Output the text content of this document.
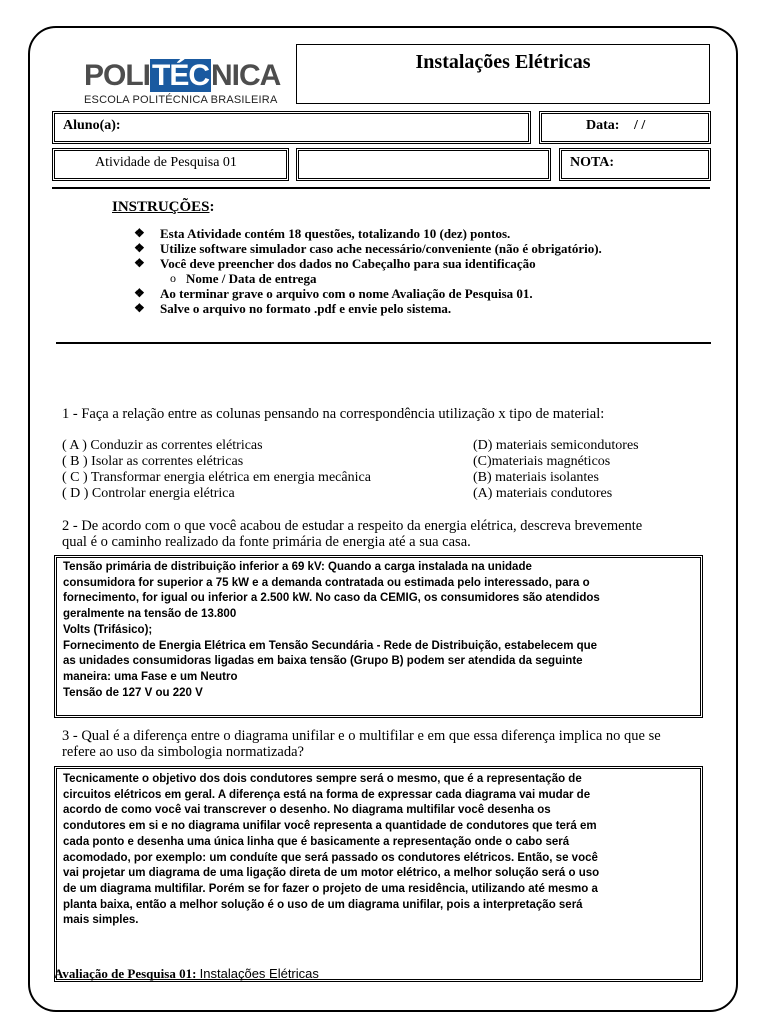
POLITÉCNICA
ESCOLA POLITÉCNICA BRASILEIRA
Instalações Elétricas
Aluno(a):	Data: / /
Atividade de Pesquisa 01	NOTA:
INSTRUÇÕES:
❖ Esta Atividade contém 18 questões, totalizando 10 (dez) pontos.
❖ Utilize software simulador caso ache necessário/conveniente (não é obrigatório).
❖ Você deve preencher dos dados no Cabeçalho para sua identificação
o Nome / Data de entrega
❖ Ao terminar grave o arquivo com o nome Avaliação de Pesquisa 01.
❖ Salve o arquivo no formato .pdf e envie pelo sistema.
1 - Faça a relação entre as colunas pensando na correspondência utilização x tipo de material:
( A ) Conduzir as correntes elétricas
( B ) Isolar as correntes elétricas
( C ) Transformar energia elétrica em energia mecânica
( D ) Controlar energia elétrica
(D) materiais semicondutores
(C)materiais magnéticos
(B) materiais isolantes
(A) materiais condutores
2 - De acordo com o que você acabou de estudar a respeito da energia elétrica, descreva brevemente
qual é o caminho realizado da fonte primária de energia até a sua casa.
Tensão primária de distribuição inferior a 69 kV: Quando a carga instalada na unidade
consumidora for superior a 75 kW e a demanda contratada ou estimada pelo interessado, para o
fornecimento, for igual ou inferior a 2.500 kW. No caso da CEMIG, os consumidores são atendidos
geralmente na tensão de 13.800
Volts (Trifásico);
Fornecimento de Energia Elétrica em Tensão Secundária - Rede de Distribuição, estabelecem que
as unidades consumidoras ligadas em baixa tensão (Grupo B) podem ser atendida da seguinte
maneira: uma Fase e um Neutro
Tensão de 127 V ou 220 V
3 - Qual é a diferença entre o diagrama unifilar e o multifilar e em que essa diferença implica no que se
refere ao uso da simbologia normatizada?
Tecnicamente o objetivo dos dois condutores sempre será o mesmo, que é a representação de
circuitos elétricos em geral. A diferença está na forma de expressar cada diagrama vai mudar de
acordo de como você vai transcrever o desenho. No diagrama multifilar você desenha os
condutores em si e no diagrama unifilar você representa a quantidade de condutores que terá em
cada ponto e desenha uma única linha que é basicamente a representação onde o cabo será
acomodado, por exemplo: um conduíte que será passado os condutores elétricos. Então, se você
vai projetar um diagrama de uma ligação direta de um motor elétrico, a melhor solução será o uso
de um diagrama multifilar. Porém se for fazer o projeto de uma residência, utilizando até mesmo a
planta baixa, então a melhor solução é o uso de um diagrama unifilar, pois a interpretação será
mais simples.
Avaliação de Pesquisa 01: Instalações Elétricas
